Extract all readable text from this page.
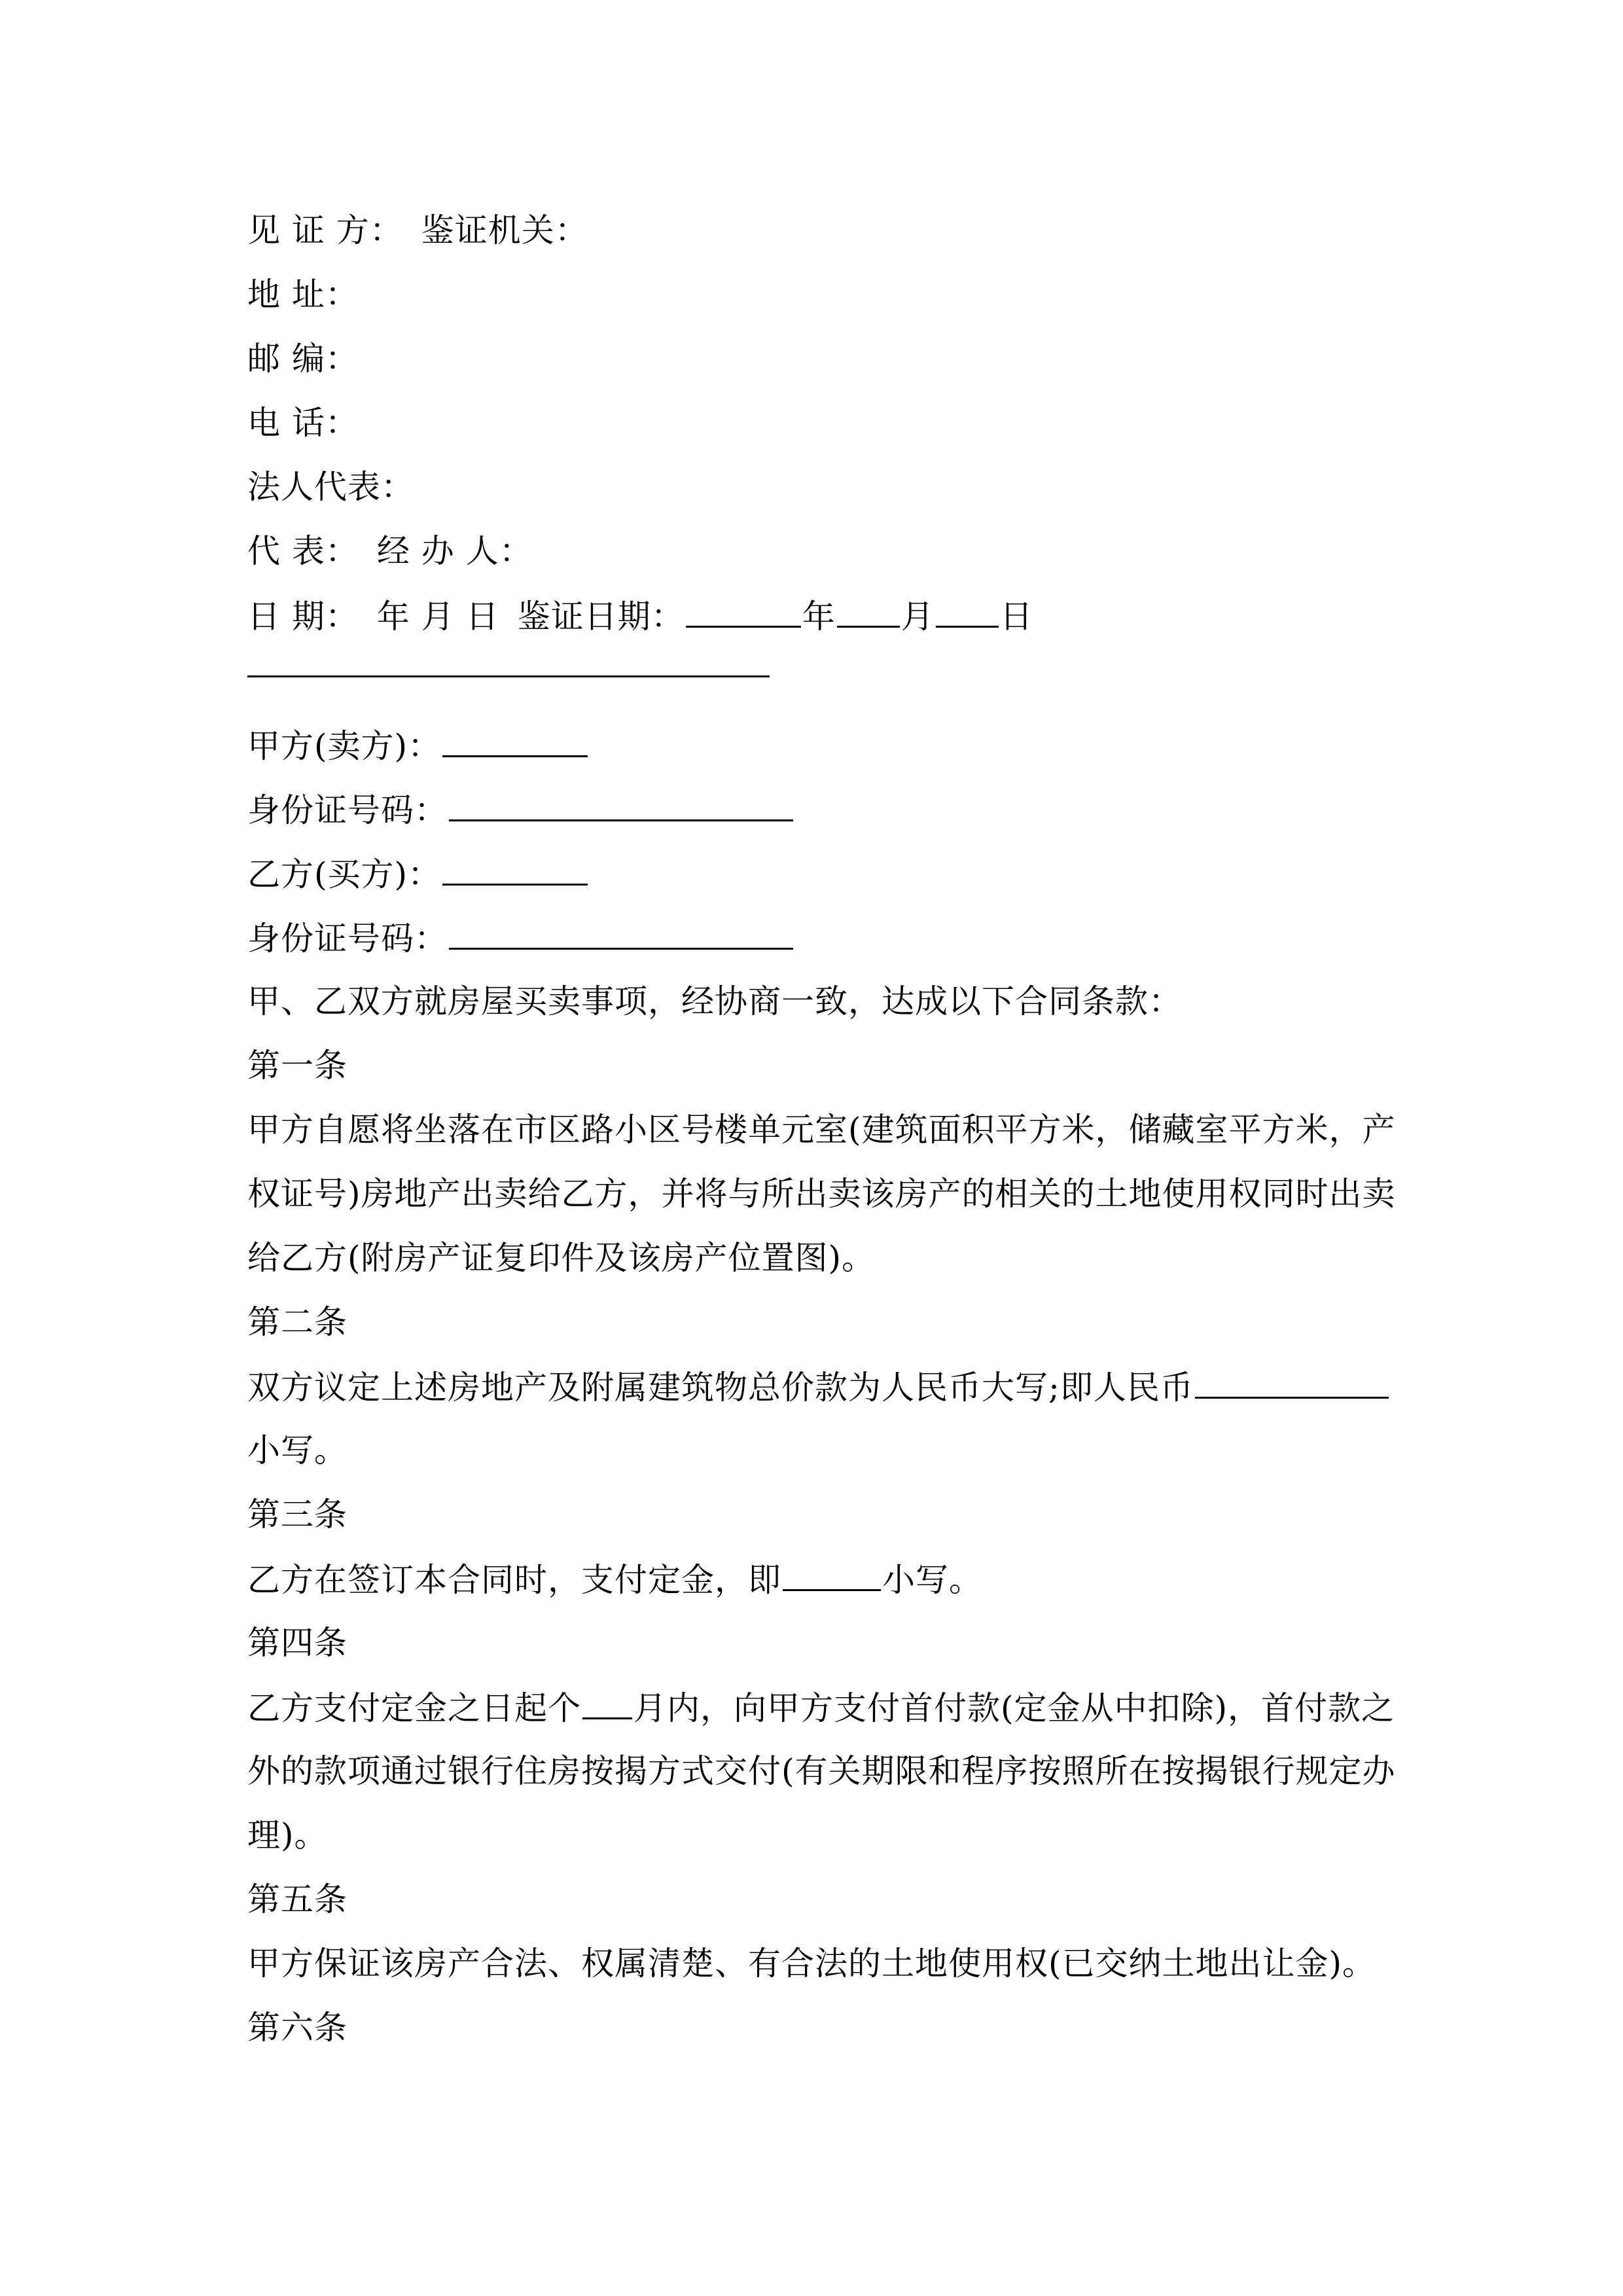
见 证 方： 鉴证机关：
地 址：
邮 编：
电 话：
法人代表：
代 表： 经 办 人：
日 期： 年 月 日 鉴证日期：	年 月 日
甲方(卖方)：
身份证号码：
乙方(买方)：
身份证号码：
甲、乙双方就房屋买卖事项，经协商一致，达成以下合同条款：
第一条
甲方自愿将坐落在市区路小区号楼单元室(建筑面积平方米，储藏室平方米，产
权证号)房地产出卖给乙方，并将与所出卖该房产的相关的土地使用权同时出卖
给乙方(附房产证复印件及该房产位置图)。
第二条
双方议定上述房地产及附属建筑物总价款为人民币大写;即人民币
小写。
第三条
乙方在签订本合同时，支付定金，即	小写。
第四条
乙方支付定金之日起个 月内，向甲方支付首付款(定金从中扣除)，首付款之
外的款项通过银行住房按揭方式交付(有关期限和程序按照所在按揭银行规定办
理)。
第五条
甲方保证该房产合法、权属清楚、有合法的土地使用权(已交纳土地出让金)。
第六条
